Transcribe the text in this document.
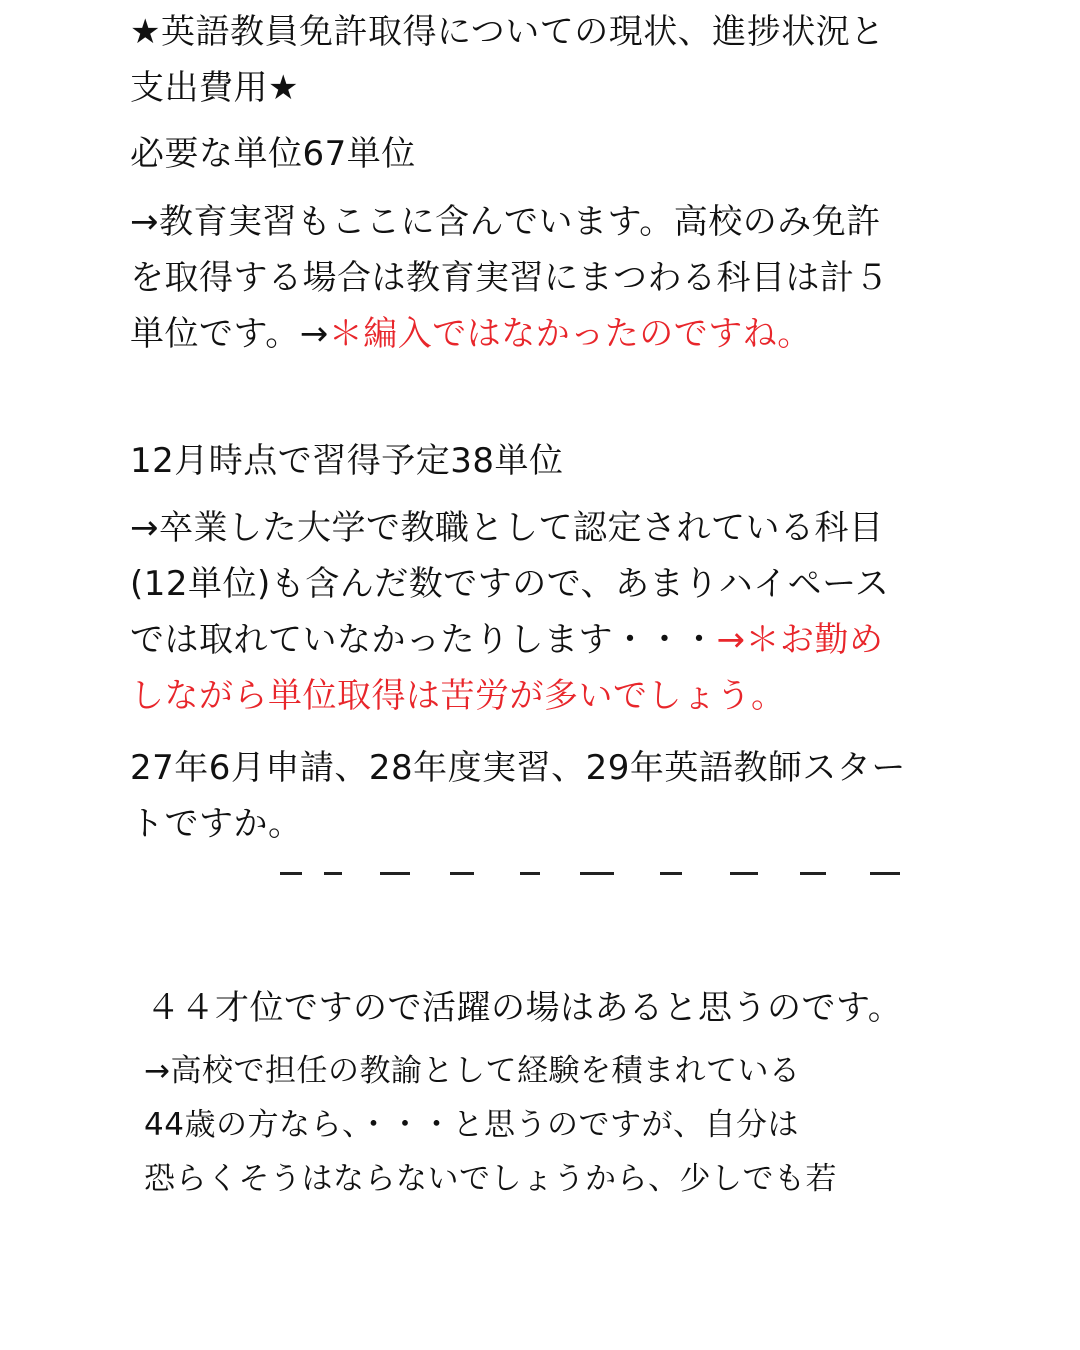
★英語教員免許取得についての現状、進捗状況と
支出費用★
必要な単位67単位
→教育実習もここに含んでいます。高校のみ免許
を取得する場合は教育実習にまつわる科目は計５
単位です。→＊編入ではなかったのですね。
12月時点で習得予定38単位
→卒業した大学で教職として認定されている科目
(12単位)も含んだ数ですので、あまりハイペース
では取れていなかったりします・・・→＊お勤め
しながら単位取得は苦労が多いでしょう。
27年6月申請、28年度実習、29年英語教師スター
トですか。
４４才位ですので活躍の場はあると思うのです。
→高校で担任の教諭として経験を積まれている
44歳の方なら、・・・と思うのですが、自分は
恐らくそうはならないでしょうから、少しでも若
